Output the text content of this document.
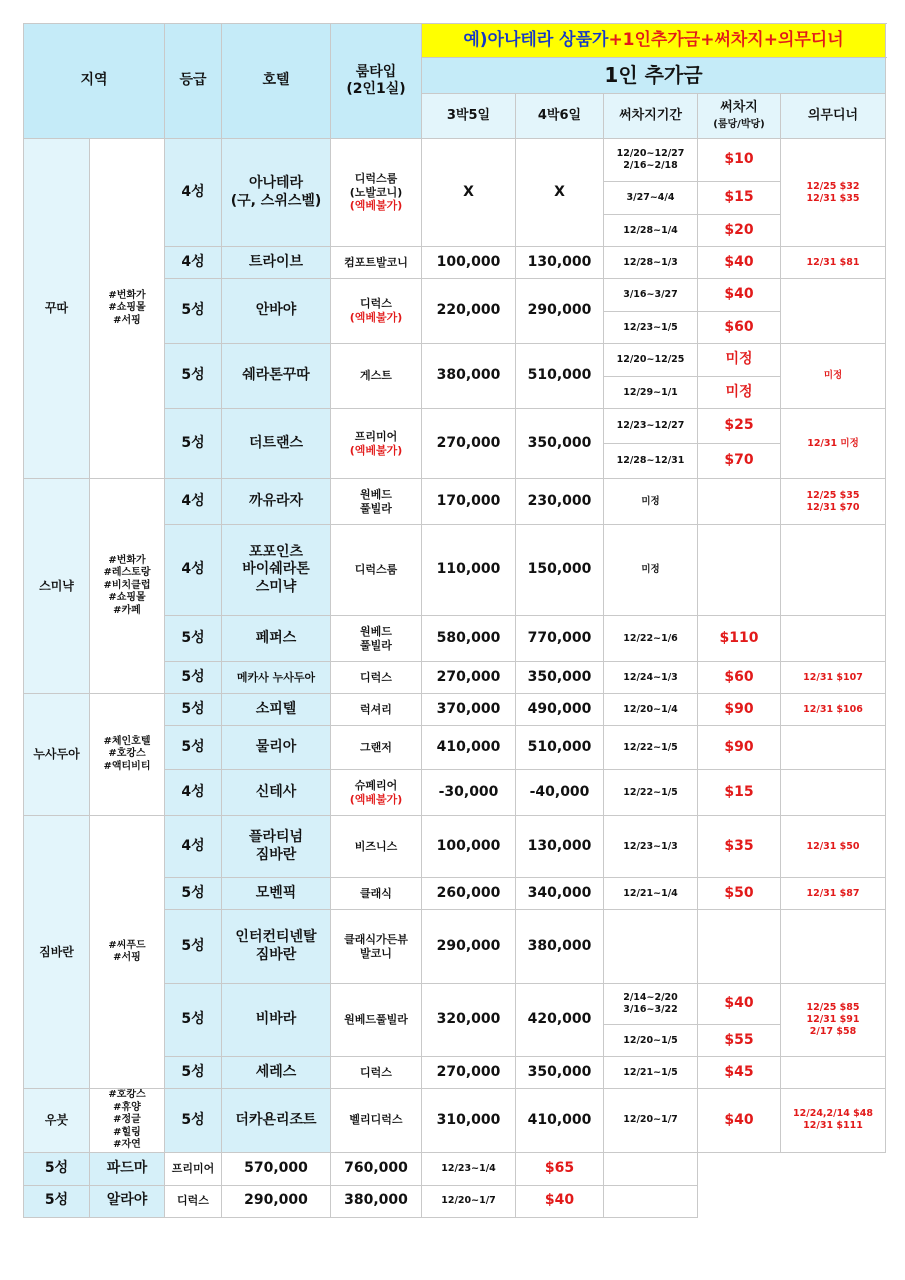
지역		등급	호텔	룸타입
(2인1실)	예)아나테라 상품가+1인추가금+써차지+의무디너				
					1인 추가금				
					3박5일	4박6일	써차지기간	써차지
(룸당/박당)	의무디너
꾸따	#번화가
#쇼핑몰
#서핑	4성	아나테라
(구, 스위스벨)	디럭스룸
(노발코니)
(엑베불가)	X	X	12/20~12/27 2/16~2/18	$10	12/25 $32
12/31 $35
							3/27~4/4	$15	
							12/28~1/4	$20	
		4성	트라이브	컴포트발코니	100,000	130,000	12/28~1/3	$40	12/31 $81
		5성	안바야	디럭스
(엑베불가)	220,000	290,000	3/16~3/27	$40	
							12/23~1/5	$60	
		5성	쉐라톤꾸따	게스트	380,000	510,000	12/20~12/25	미정	미정
							12/29~1/1	미정	
		5성	더트랜스	프리미어
(엑베불가)	270,000	350,000	12/23~12/27	$25	12/31 미정
							12/28~12/31	$70	
스미냑	#번화가
#레스토랑
#비치클럽
#쇼핑몰
#카페	4성	까유라자	원베드
풀빌라	170,000	230,000	미정		12/25 $35
12/31 $70
		4성	포포인츠
바이쉐라톤
스미냑	디럭스룸	110,000	150,000	미정		
		5성	페퍼스	원베드
풀빌라	580,000	770,000	12/22~1/6	$110	
		5성	메카사 누사두아	디럭스	270,000	350,000	12/24~1/3	$60	12/31 $107
누사두아	#체인호텔
#호캉스
#액티비티	5성	소피텔	럭셔리	370,000	490,000	12/20~1/4	$90	12/31 $106
		5성	물리아	그랜저	410,000	510,000	12/22~1/5	$90	
		4성	신테사	슈페리어
(엑베불가)	-30,000	-40,000	12/22~1/5	$15	
짐바란	#씨푸드
#서핑	4성	플라티넘
짐바란	비즈니스	100,000	130,000	12/23~1/3	$35	12/31 $50
		5성	모벤픽	클래식	260,000	340,000	12/21~1/4	$50	12/31 $87
		5성	인터컨티넨탈
짐바란	클래식가든뷰
발코니	290,000	380,000			
		5성	비바라	원베드풀빌라	320,000	420,000	2/14~2/20 3/16~3/22	$40	12/25 $85
12/31 $91
2/17 $58
							12/20~1/5	$55	
		5성	세레스	디럭스	270,000	350,000	12/21~1/5	$45	
우붓	#호캉스
#휴양
#정글
#힐링
#자연	5성	더카욘리조트	벨리디럭스	310,000	410,000	12/20~1/7	$40	12/24,2/14 $48
12/31 $111
5성	파드마	프리미어	570,000	760,000	12/23~1/4	$65			
5성	알라야	디럭스	290,000	380,000	12/20~1/7	$40			
